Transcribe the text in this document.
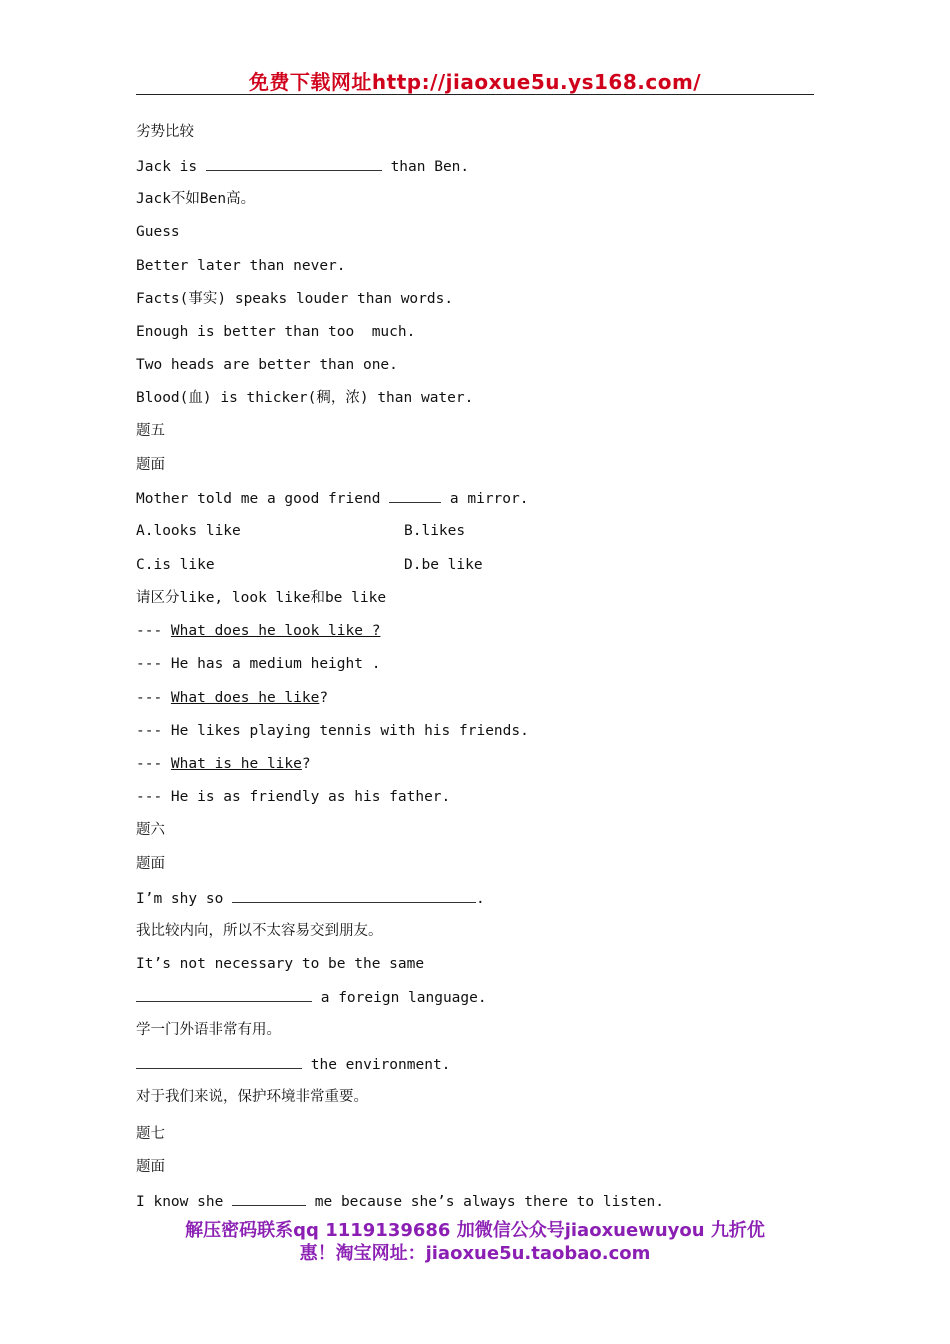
免费下载网址http://jiaoxue5u.ys168.com/
劣势比较
Jack is	than Ben.
Jack不如Ben高。
Guess
Better later than never.
Facts(事实) speaks louder than words.
Enough is better than too  much.
Two heads are better than one.
Blood(血) is thicker(稠，浓) than water.
题五
题面
Mother told me a good friend	a mirror.
A.looks like	B.likes
C.is like	D.be like
请区分like, look like和be like
--- What does he look like ?
--- He has a medium height .
--- What does he like?
--- He likes playing tennis with his friends.
--- What is he like?
--- He is as friendly as his father.
题六
题面
I’m shy so	.
我比较内向，所以不太容易交到朋友。
It’s not necessary to be the same
a foreign language.
学一门外语非常有用。
the environment.
对于我们来说，保护环境非常重要。
题七
题面
I know she	me because she’s always there to listen.
解压密码联系qq 1119139686 加微信公众号jiaoxuewuyou 九折优
惠！淘宝网址：jiaoxue5u.taobao.com
